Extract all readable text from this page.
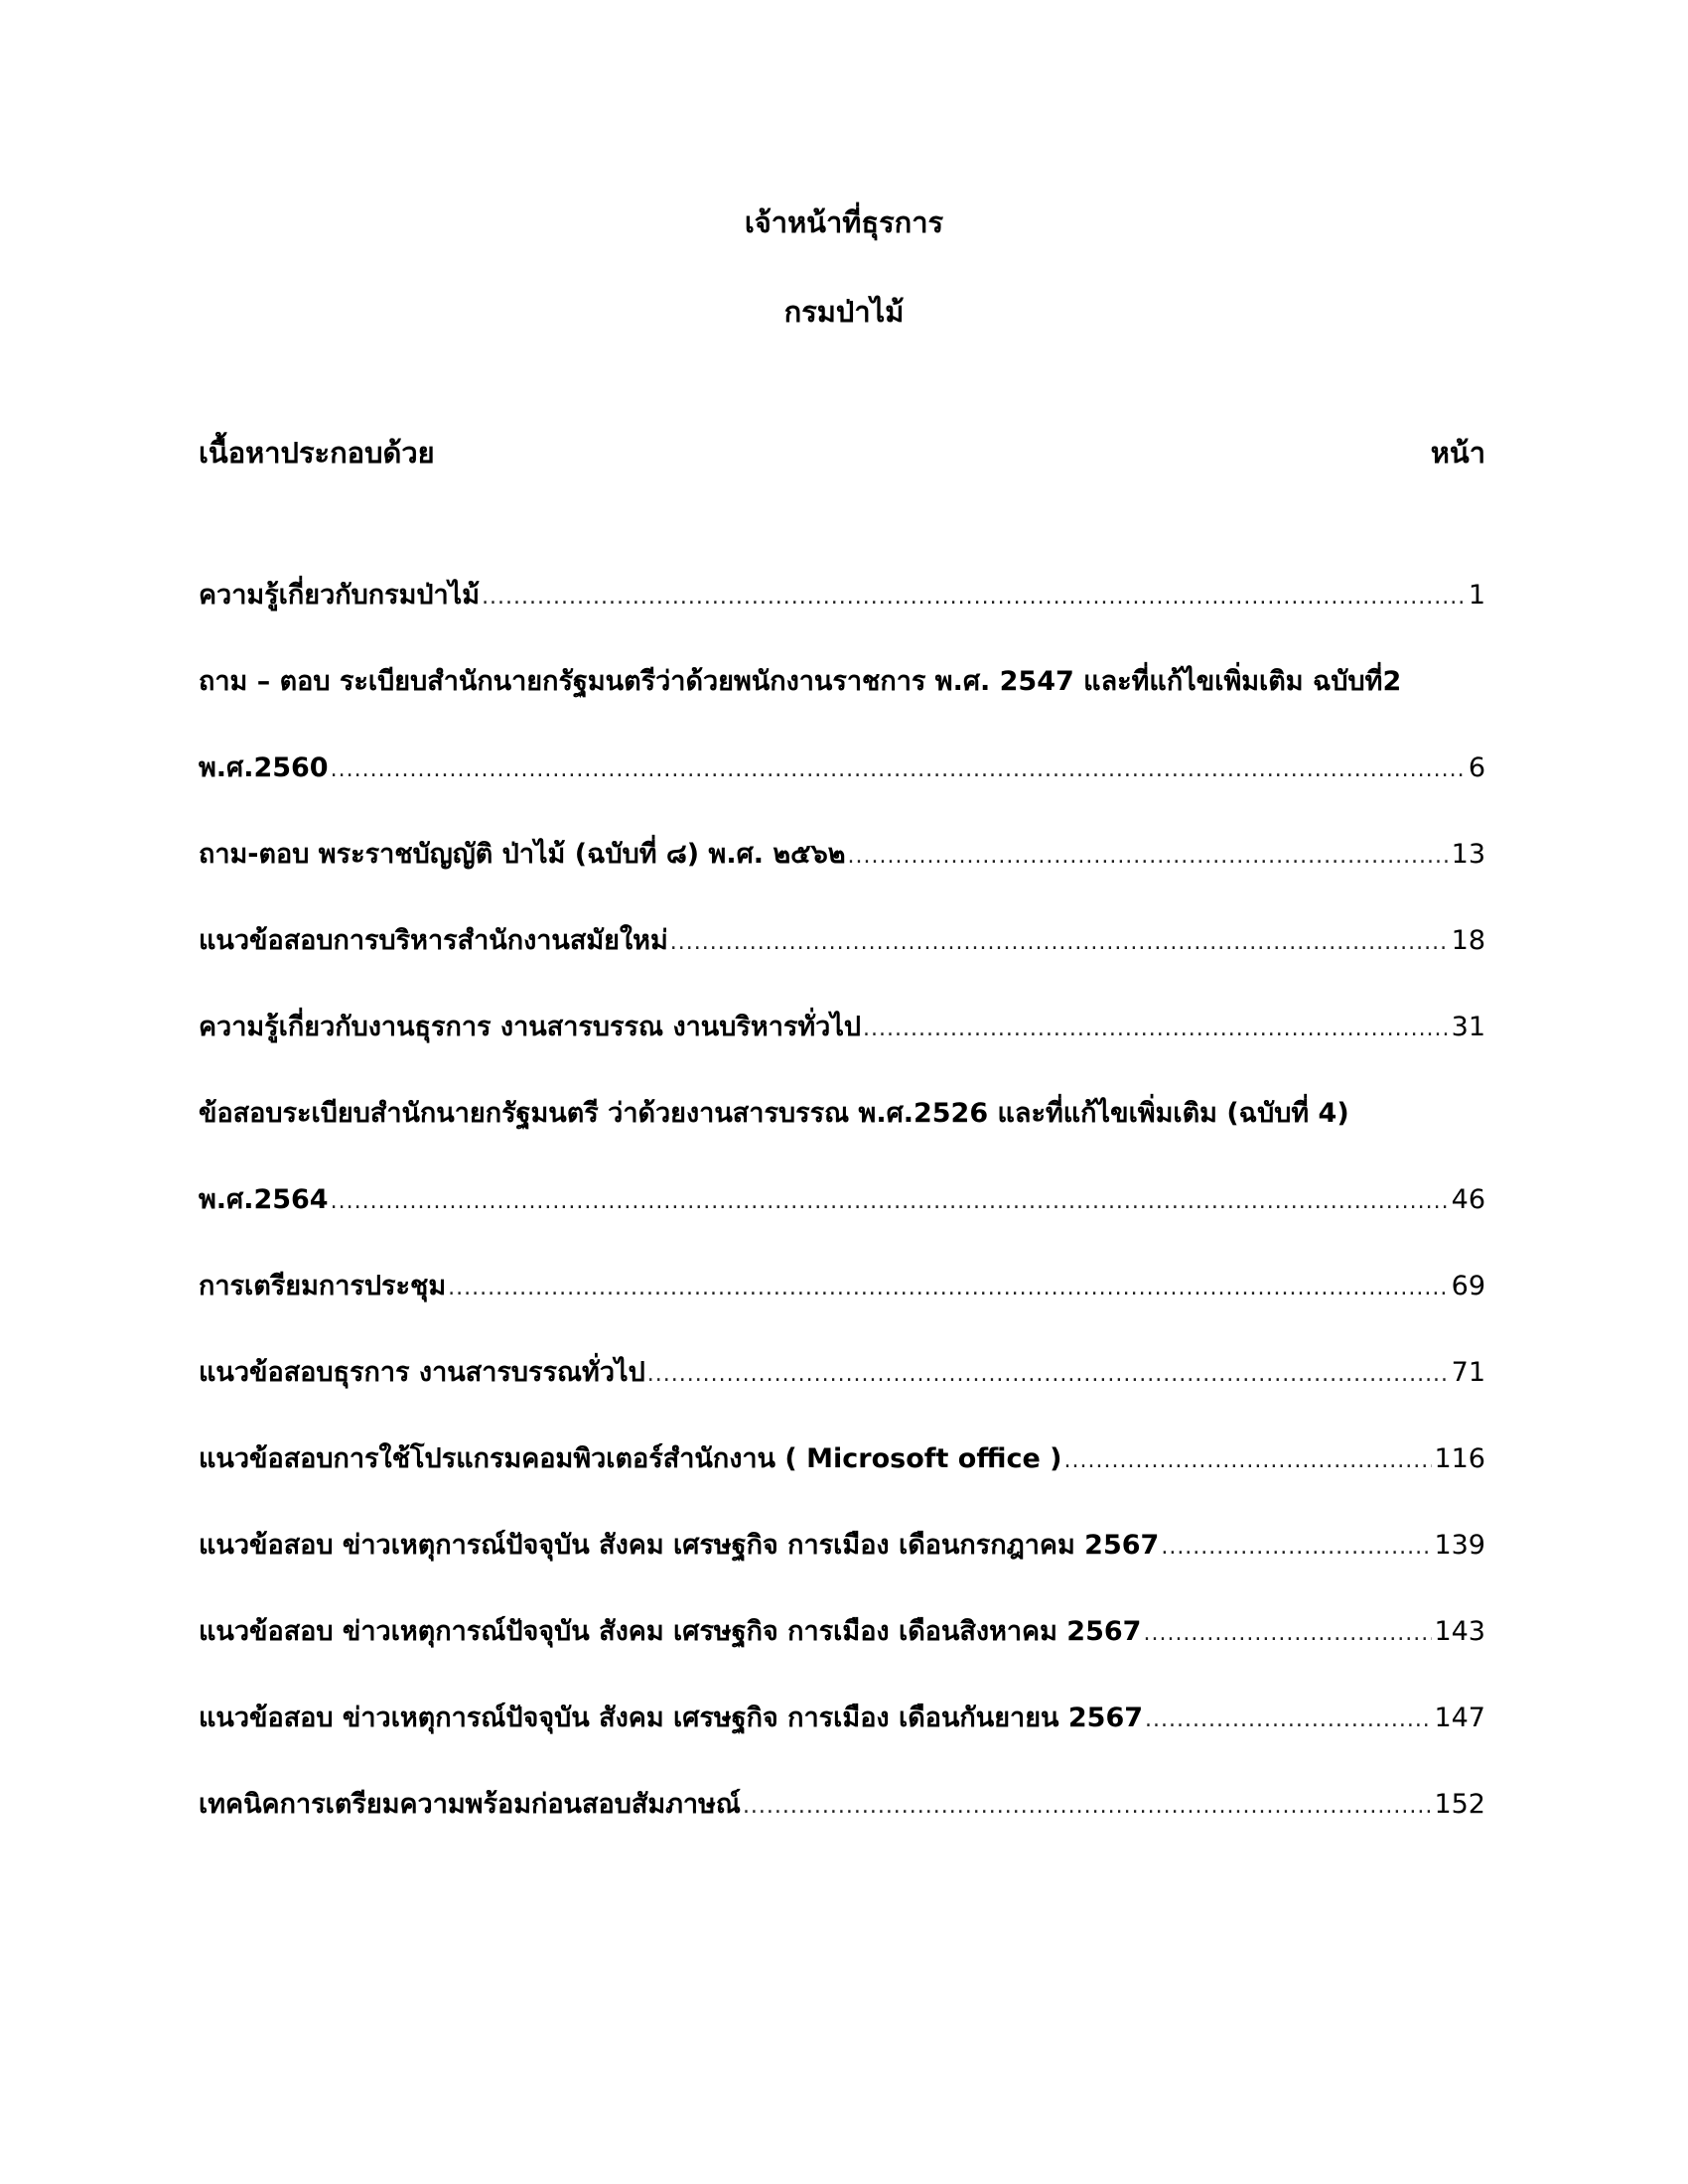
เจ้าหน้าที่ธุรการ
กรมป่าไม้
เนื้อหาประกอบด้วย	หน้า
ความรู้เกี่ยวกับกรมป่าไม้ .....	1
ถาม – ตอบ ระเบียบสำนักนายกรัฐมนตรีว่าด้วยพนักงานราชการ พ.ศ. 2547 และที่แก้ไขเพิ่มเติม ฉบับที่2
พ.ศ.2560 .....	6
ถาม-ตอบ พระราชบัญญัติ ป่าไม้ (ฉบับที่ ๘) พ.ศ. ๒๕๖๒ .....	13
แนวข้อสอบการบริหารสำนักงานสมัยใหม่ .....	18
ความรู้เกี่ยวกับงานธุรการ งานสารบรรณ งานบริหารทั่วไป .....	31
ข้อสอบระเบียบสำนักนายกรัฐมนตรี ว่าด้วยงานสารบรรณ พ.ศ.2526 และที่แก้ไขเพิ่มเติม (ฉบับที่ 4)
พ.ศ.2564 .....	46
การเตรียมการประชุม .....	69
แนวข้อสอบธุรการ งานสารบรรณทั่วไป .....	71
แนวข้อสอบการใช้โปรแกรมคอมพิวเตอร์สำนักงาน ( Microsoft office ) .....	116
แนวข้อสอบ ข่าวเหตุการณ์ปัจจุบัน สังคม เศรษฐกิจ การเมือง เดือนกรกฎาคม 2567 .....	139
แนวข้อสอบ ข่าวเหตุการณ์ปัจจุบัน สังคม เศรษฐกิจ การเมือง เดือนสิงหาคม 2567 .....	143
แนวข้อสอบ ข่าวเหตุการณ์ปัจจุบัน สังคม เศรษฐกิจ การเมือง เดือนกันยายน 2567 .....	147
เทคนิคการเตรียมความพร้อมก่อนสอบสัมภาษณ์ .....	152
